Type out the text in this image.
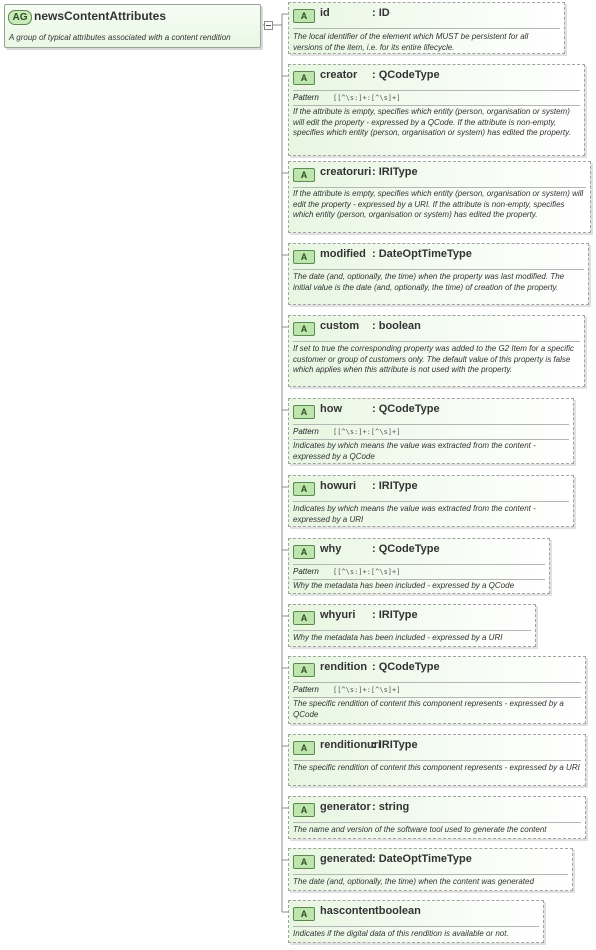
AG newsContentAttributes
A group of typical attributes associated with a content rendition
A	id	: ID
The local identifier of the element which MUST be persistent for all versions of the item, i.e. for its entire lifecycle.
A	creator : QCodeType
Pattern [[^\s:]+:[^\s]+]
If the attribute is empty, specifies which entity (person, organisation or system) will edit the property - expressed by a QCode. If the attribute is non-empty, specifies which entity (person, organisation or system) has edited the property.
A	creatoruri : IRIType
If the attribute is empty, specifies which entity (person, organisation or system) will edit the property - expressed by a URI. If the attribute is non-empty, specifies which entity (person, organisation or system) has edited the property.
A	modified : DateOptTimeType
The date (and, optionally, the time) when the property was last modified. The initial value is the date (and, optionally, the time) of creation of the property.
A	custom : boolean
If set to true the corresponding property was added to the G2 Item for a specific customer or group of customers only. The default value of this property is false which applies when this attribute is not used with the property.
A	how	: QCodeType
Pattern [[^\s:]+:[^\s]+]
Indicates by which means the value was extracted from the content - expressed by a QCode
A	howuri : IRIType
Indicates by which means the value was extracted from the content - expressed by a URI
A	why	: QCodeType
Pattern [[^\s:]+:[^\s]+]
Why the metadata has been included - expressed by a QCode
A	whyuri : IRIType
Why the metadata has been included - expressed by a URI
A	rendition : QCodeType
Pattern [[^\s:]+:[^\s]+]
The specific rendition of content this component represents - expressed by a QCode
A	renditionuri
: IRIType
The specific rendition of content this component represents - expressed by a URI
A	generator : string
The name and version of the software tool used to generate the content
A	generated : DateOptTimeType
The date (and, optionally, the time) when the content was generated
A	hascontent
: boolean
Indicates if the digital data of this rendition is available or not.
